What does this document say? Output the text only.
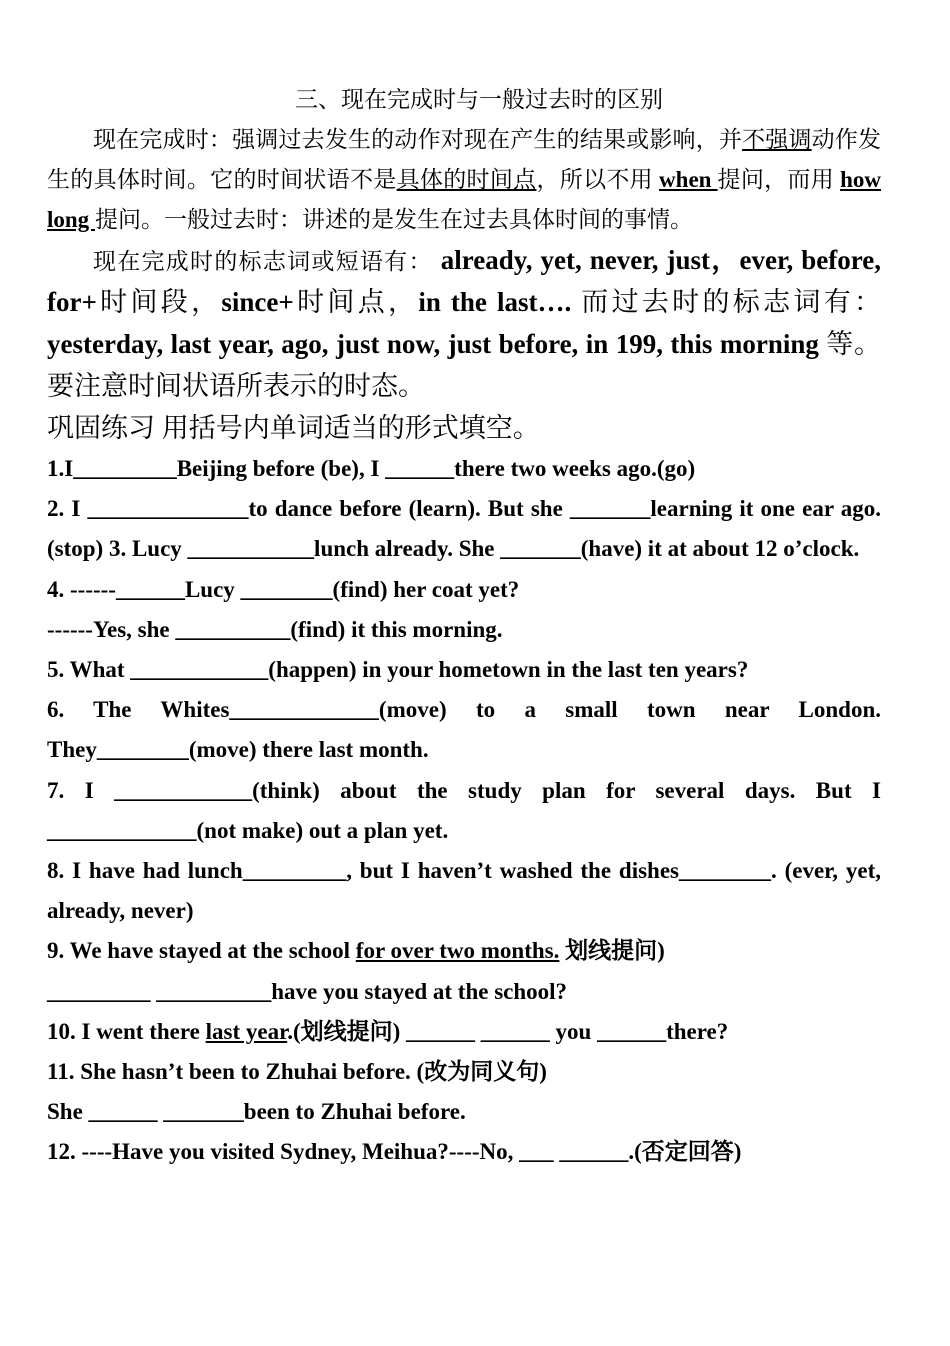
三、现在完成时与一般过去时的区别
现在完成时：强调过去发生的动作对现在产生的结果或影响，并不强调动作发生的具体时间。它的时间状语不是具体的时间点，所以不用 when 提问，而用 how long 提问。一般过去时：讲述的是发生在过去具体时间的事情。
现在完成时的标志词或短语有： already, yet, never, just，ever, before, for+时间段，since+时间点，in the last…. 而过去时的标志词有：yesterday, last year, ago, just now, just before, in 199, this morning 等。要注意时间状语所表示的时态。
巩固练习 用括号内单词适当的形式填空。
1.I_________Beijing before (be), I ______there two weeks ago.(go)
2. I ______________to dance before (learn). But she _______learning it one ear ago. (stop) 3. Lucy ___________lunch already. She _______(have) it at about 12 o’clock.
4. ------______Lucy ________(find) her coat yet?
------Yes, she __________(find) it this morning.
5. What ____________(happen) in your hometown in the last ten years?
6. The Whites_____________(move) to a small town near London. They________(move) there last month.
7. I ____________(think) about the study plan for several days. But I _____________(not make) out a plan yet.
8. I have had lunch_________, but I haven’t washed the dishes________. (ever, yet, already, never)
9. We have stayed at the school for over two months. 划线提问)
_________ __________have you stayed at the school?
10. I went there last year.(划线提问) ______ ______ you ______there?
11. She hasn’t been to Zhuhai before. (改为同义句)
She ______ _______been to Zhuhai before.
12. ----Have you visited Sydney, Meihua?----No, ___ ______.(否定回答)
